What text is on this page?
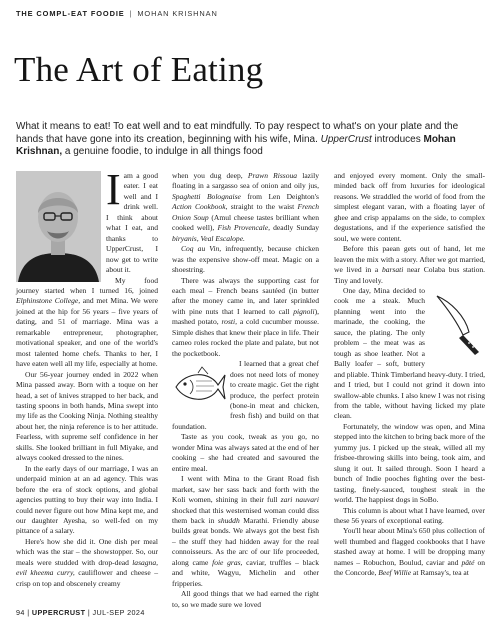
THE COMPL-EAT FOODIE | MOHAN KRISHNAN
The Art of Eating
What it means to eat! To eat well and to eat mindfully. To pay respect to what's on your plate and the hands that have gone into its creation, beginning with his wife, Mina. UpperCrust introduces Mohan Krishnan, a genuine foodie, to indulge in all things food
I am a good eater. I eat well and I drink well. I think about what I eat, and thanks to UpperCrust, I now get to write about it.

My food journey started when I turned 16, joined Elphinstone College, and met Mina. We were joined at the hip for 56 years – five years of dating, and 51 of marriage. Mina was a remarkable entrepreneur, photographer, motivational speaker, and one of the world's most talented home chefs. Thanks to her, I have eaten well all my life, especially at home.

Our 56-year journey ended in 2022 when Mina passed away. Born with a toque on her head, a set of knives strapped to her back, and tasting spoons in both hands, Mina swept into my life as the Cooking Ninja. Nothing stealthy about her, the ninja reference is to her attitude. Fearless, with supreme self confidence in her skills. She looked brilliant in full Miyake, and always cooked dressed to the nines.

In the early days of our marriage, I was an underpaid minion at an ad agency. This was before the era of stock options, and global agencies putting to buy their way into India. I could never figure out how Mina kept me, and our daughter Ayesha, so well-fed on my pittance of a salary.

Here's how she did it. One dish per meal which was the star – the showstopper. So, our meals were studded with drop-dead lasagna, evil kheema curry, cauliflower and cheese – crisp on top and obscenely creamy

when you dug deep, Prawn Rissoua lazily floating in a sargasso sea of onion and oily jus, Spaghetti Bolognaise from Len Deighton's Action Cookbook, straight to the waist French Onion Soup (Amul cheese tastes brilliant when cooked well), Fish Provencale, deadly Sunday biryanis, Veal Escalope.

Coq au Vin, infrequently, because chicken was the expensive show-off meat. Magic on a shoestring.

There was always the supporting cast for each meal – French beans sautéed (in butter after the money came in, and later sprinkled with pine nuts that I learned to call pignoli), mashed potato, rosti, a cold cucumber mousse. Simple dishes that knew their place in life. Their cameo roles rocked the plate and palate, but not the pocketbook.

I learned that a great chef does not need lots of money to create magic. Get the right produce, the perfect protein (bone-in meat and chicken, fresh fish) and build on that foundation.

Taste as you cook, tweak as you go, no wonder Mina was always sated at the end of her cooking – she had created and savoured the entire meal.

I went with Mina to the Grant Road fish market, saw her sass back and forth with the Koli women, shining in their full zari nauvari shocked that this westernised woman could diss them back in shuddh Marathi. Friendly abuse builds great bonds. We always got the best fish – the stuff they had hidden away for the real connoisseurs. As the arc of our life proceeded, along came foie gras, caviar, truffles – black and white, Wagyu, Michelin and other fripperies.

All good things that we had earned the right to, so we made sure we loved

and enjoyed every moment. Only the small-minded back off from luxuries for ideological reasons. We straddled the world of food from the simplest elegant varan, with a floating layer of ghee and crisp appalams on the side, to complex degustations, and if the experience satisfied the soul, we were content.

Before this paean gets out of hand, let me leaven the mix with a story. After we got married, we lived in a barsati near Colaba bus station. Tiny and lovely.

One day, Mina decided to cook me a steak. Much planning went into the marinade, the cooking, the sauce, the plating. The only problem – the meat was as tough as shoe leather. Not a Bally loafer – soft, buttery and pliable. Think Timberland heavy-duty. I tried, and I tried, but I could not grind it down into swallow-able chunks. I also knew I was not rising from the table, without having licked my plate clean.

Fortunately, the window was open, and Mina stepped into the kitchen to bring back more of the yummy jus. I picked up the steak, willed all my frisbee-throwing skills into being, took aim, and slung it out. It sailed through. Soon I heard a bunch of Indie pooches fighting over the best-tasting, finely-sauced, toughest steak in the world. The happiest dogs in SoBo.

This column is about what I have learned, over these 56 years of exceptional eating.

You'll hear about Mina's 650 plus collection of well thumbed and flagged cookbooks that I have stashed away at home. I will be dropping many names – Robuchon, Boulud, caviar and pâté on the Concorde, Beef Willie at Ramsay's, tea at

94 | UPPERCRUST | JUL-SEP 2024
